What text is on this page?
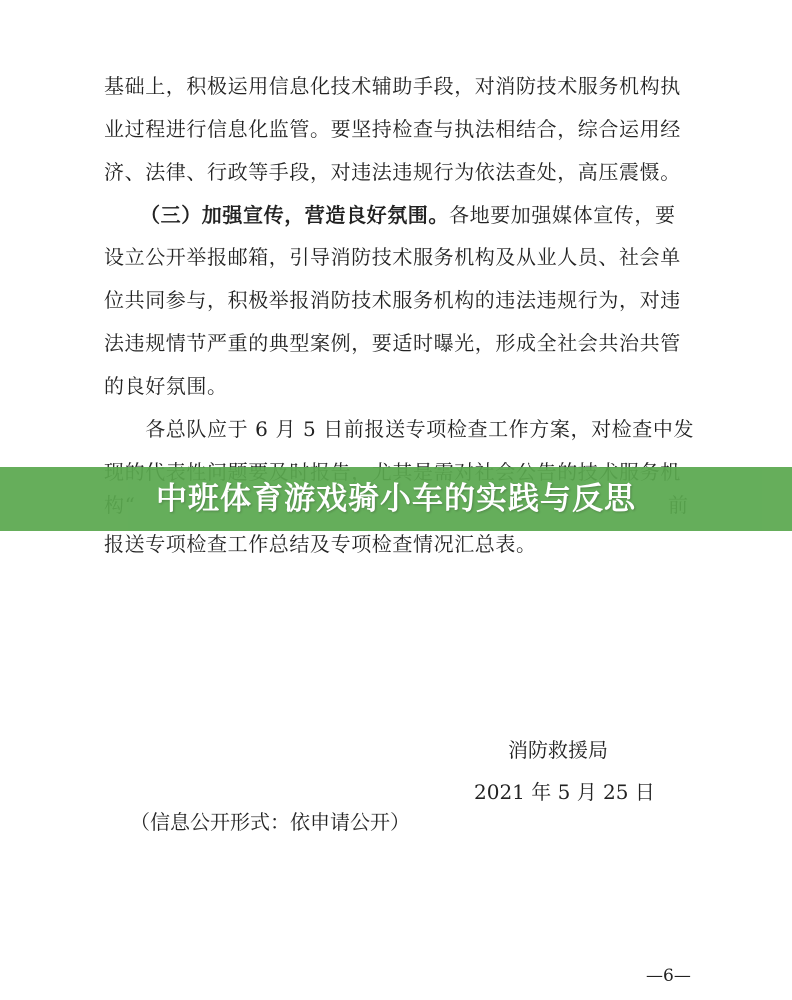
基础上，积极运用信息化技术辅助手段，对消防技术服务机构执
业过程进行信息化监管。要坚持检查与执法相结合，综合运用经
济、法律、行政等手段，对违法违规行为依法查处，高压震慑。
（三）加强宣传，营造良好氛围。各地要加强媒体宣传，要
设立公开举报邮箱，引导消防技术服务机构及从业人员、社会单
位共同参与，积极举报消防技术服务机构的违法违规行为，对违
法违规情节严重的典型案例，要适时曝光，形成全社会共治共管
的良好氛围。
　　各总队应于 6 月 5 日前报送专项检查工作方案，对检查中发
报送专项检查工作总结及专项检查情况汇总表。
中班体育游戏骑小车的实践与反思
消防救援局
2021 年 5 月 25 日
（信息公开形式：依申请公开）
—6—
